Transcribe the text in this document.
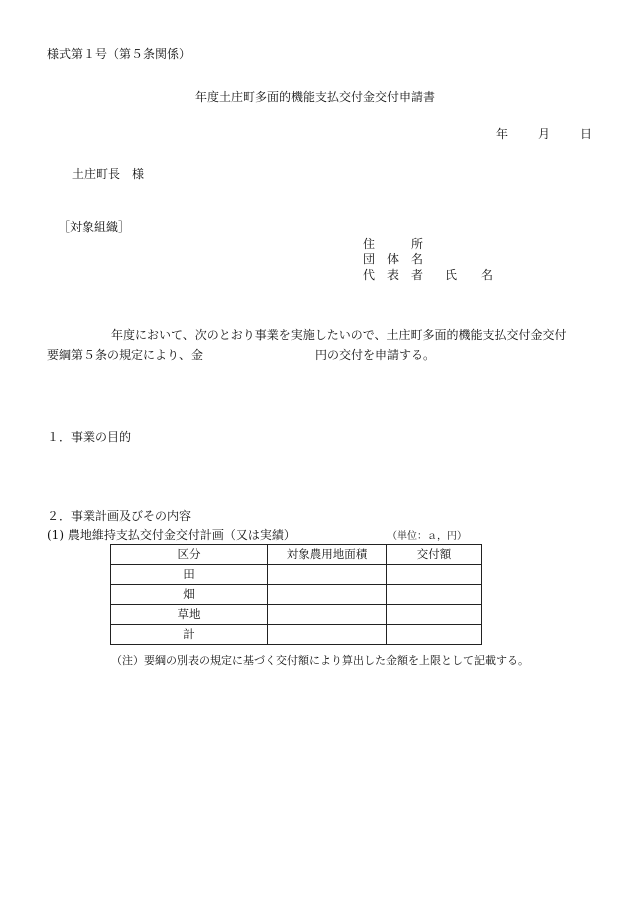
様式第１号（第５条関係）
年度土庄町多面的機能支払交付金交付申請書
年	月	日
土庄町長　様
［対象組織］
住　　　所
団　体　名
代　表　者 氏　　名
年度において、次のとおり事業を実施したいので、土庄町多面的機能支払交付金交付
要綱第５条の規定により、金	円の交付を申請する。
１．事業の目的
２．事業計画及びその内容
(1) 農地維持支払交付金交付計画（又は実績）	（単位：ａ，円）
区分	対象農用地面積	交付額
田		
畑		
草地		
計		
（注）要綱の別表の規定に基づく交付額により算出した金額を上限として記載する。
